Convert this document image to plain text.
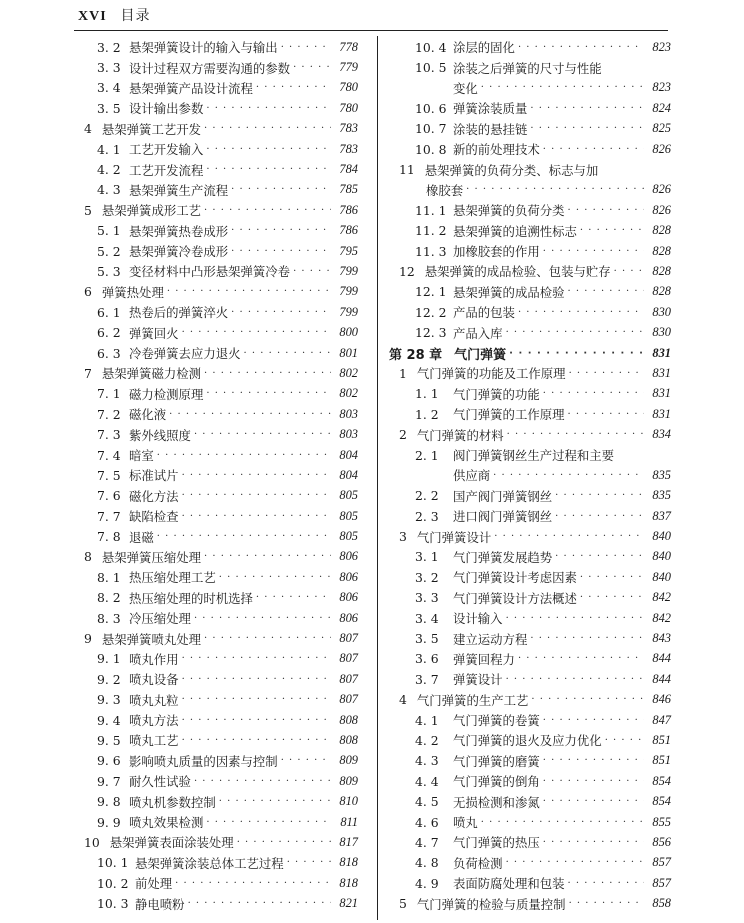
XVI 目录
3. 2 悬架弹簧设计的输入与输出 · · ·	778
3. 3 设计过程双方需要沟通的参数 · · ·	779
3. 4 悬架弹簧产品设计流程 · · ·	780
3. 5 设计输出参数 · · ·	780
4 悬架弹簧工艺开发 · · ·	783
4. 1 工艺开发输入 · · ·	783
4. 2 工艺开发流程 · · ·	784
4. 3 悬架弹簧生产流程 · · ·	785
5 悬架弹簧成形工艺 · · ·	786
5. 1 悬架弹簧热卷成形 · · ·	786
5. 2 悬架弹簧冷卷成形 · · ·	795
5. 3 变径材料中凸形悬架弹簧冷卷 · · ·	799
6 弹簧热处理 · · ·	799
6. 1 热卷后的弹簧淬火 · · ·	799
6. 2 弹簧回火 · · ·	800
6. 3 冷卷弹簧去应力退火 · · ·	801
7 悬架弹簧磁力检测 · · ·	802
7. 1 磁力检测原理 · · ·	802
7. 2 磁化液 · · ·	803
7. 3 紫外线照度 · · ·	803
7. 4 暗室 · · ·	804
7. 5 标准试片 · · ·	804
7. 6 磁化方法 · · ·	805
7. 7 缺陷检查 · · ·	805
7. 8 退磁 · · ·	805
8 悬架弹簧压缩处理 · · ·	806
8. 1 热压缩处理工艺 · · ·	806
8. 2 热压缩处理的时机选择 · · ·	806
8. 3 冷压缩处理 · · ·	806
9 悬架弹簧喷丸处理 · · ·	807
9. 1 喷丸作用 · · ·	807
9. 2 喷丸设备 · · ·	807
9. 3 喷丸丸粒 · · ·	807
9. 4 喷丸方法 · · ·	808
9. 5 喷丸工艺 · · ·	808
9. 6 影响喷丸质量的因素与控制 · · ·	809
9. 7 耐久性试验 · · ·	809
9. 8 喷丸机参数控制 · · ·	810
9. 9 喷丸效果检测 · · ·	811
10 悬架弹簧表面涂装处理 · · ·	817
10. 1 悬架弹簧涂装总体工艺过程 · · ·	818
10. 2 前处理 · · ·	818
10. 3 静电喷粉 · · ·	821
10. 4 涂层的固化 · · ·	823
10. 5 涂装之后弹簧的尺寸与性能
变化 · · ·	823
10. 6 弹簧涂装质量 · · ·	824
10. 7 涂装的悬挂链 · · ·	825
10. 8 新的前处理技术 · · ·	826
11 悬架弹簧的负荷分类、标志与加
橡胶套 · · ·	826
11. 1 悬架弹簧的负荷分类 · · ·	826
11. 2 悬架弹簧的追溯性标志 · · ·	828
11. 3 加橡胶套的作用 · · ·	828
12 悬架弹簧的成品检验、包装与贮存 · · ·	828
12. 1 悬架弹簧的成品检验 · · ·	828
12. 2 产品的包装 · · ·	830
12. 3 产品入库 · · ·	830
第 28 章 气门弹簧 · · ·	831
1 气门弹簧的功能及工作原理 · · ·	831
1. 1	气门弹簧的功能 · · ·	831
1. 2	气门弹簧的工作原理 · · ·	831
2 气门弹簧的材料 · · ·	834
2. 1	阀门弹簧钢丝生产过程和主要
供应商 · · ·	835
2. 2	国产阀门弹簧钢丝 · · ·	835
2. 3	进口阀门弹簧钢丝 · · ·	837
3 气门弹簧设计 · · ·	840
3. 1	气门弹簧发展趋势 · · ·	840
3. 2	气门弹簧设计考虑因素 · · ·	840
3. 3	气门弹簧设计方法概述 · · ·	842
3. 4	设计输入 · · ·	842
3. 5	建立运动方程 · · ·	843
3. 6	弹簧回程力 · · ·	844
3. 7	弹簧设计 · · ·	844
4 气门弹簧的生产工艺 · · ·	846
4. 1	气门弹簧的卷簧 · · ·	847
4. 2	气门弹簧的退火及应力优化 · · ·	851
4. 3	气门弹簧的磨簧 · · ·	851
4. 4	气门弹簧的倒角 · · ·	854
4. 5	无损检测和渗氮 · · ·	854
4. 6	喷丸 · · ·	855
4. 7	气门弹簧的热压 · · ·	856
4. 8	负荷检测 · · ·	857
4. 9	表面防腐处理和包装 · · ·	857
5 气门弹簧的检验与质量控制 · · ·	858
